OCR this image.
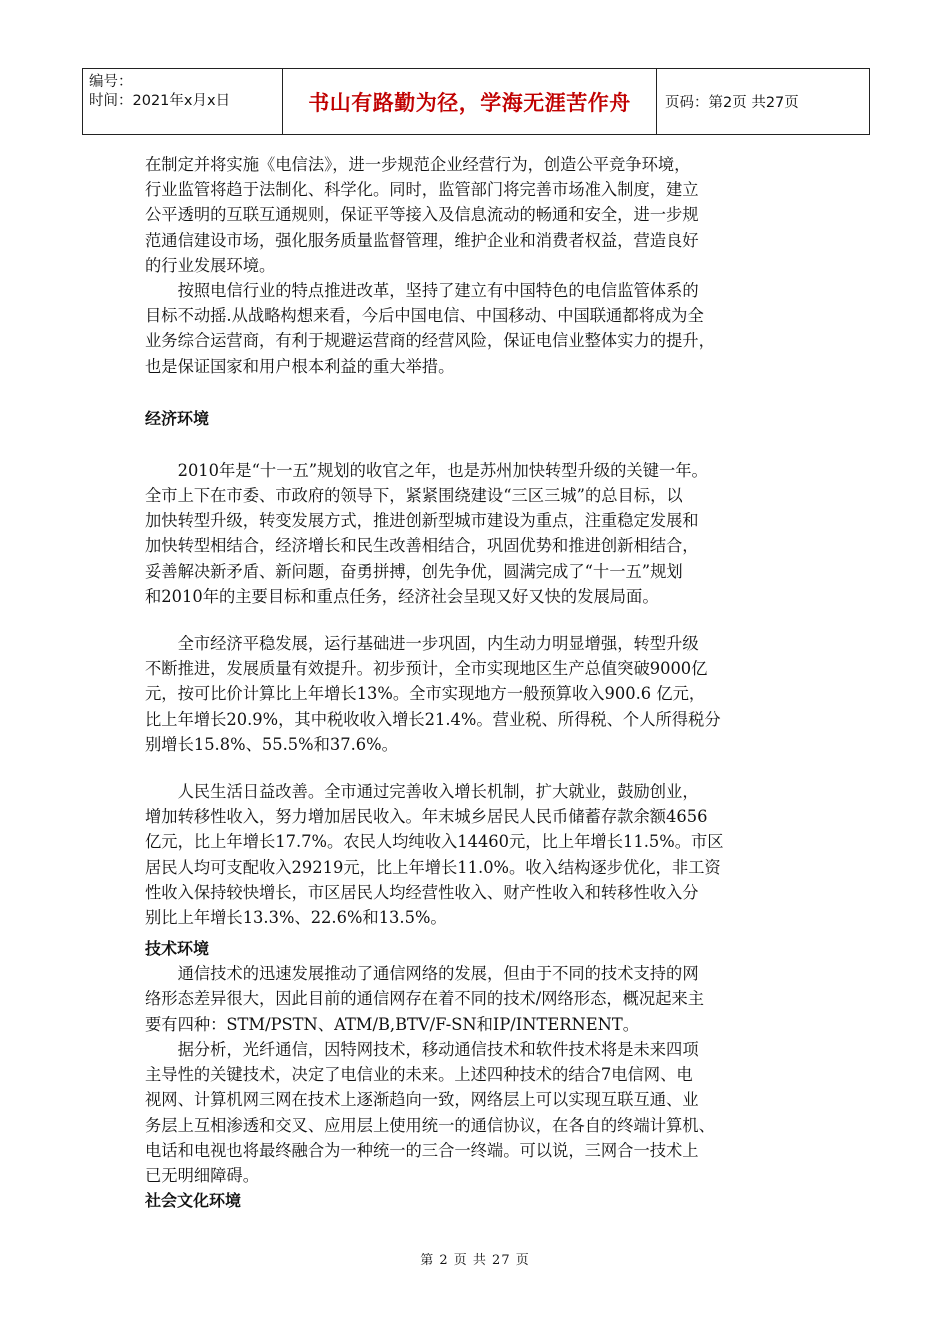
编号：
时间：2021年x月x日	书山有路勤为径，学海无涯苦作舟	页码：第2页 共27页

在制定并将实施《电信法》，进一步规范企业经营行为，创造公平竞争环境，
行业监管将趋于法制化、科学化。同时，监管部门将完善市场准入制度，建立
公平透明的互联互通规则，保证平等接入及信息流动的畅通和安全，进一步规
范通信建设市场，强化服务质量监督管理，维护企业和消费者权益，营造良好
的行业发展环境。

按照电信行业的特点推进改革，坚持了建立有中国特色的电信监管体系的
目标不动摇.从战略构想来看，今后中国电信、中国移动、中国联通都将成为全
业务综合运营商，有利于规避运营商的经营风险，保证电信业整体实力的提升，
也是保证国家和用户根本利益的重大举措。

经济环境

2010年是“十一五”规划的收官之年，也是苏州加快转型升级的关键一年。
全市上下在市委、市政府的领导下，紧紧围绕建设“三区三城”的总目标，以
加快转型升级，转变发展方式，推进创新型城市建设为重点，注重稳定发展和
加快转型相结合，经济增长和民生改善相结合，巩固优势和推进创新相结合，
妥善解决新矛盾、新问题，奋勇拼搏，创先争优，圆满完成了“十一五”规划
和2010年的主要目标和重点任务，经济社会呈现又好又快的发展局面。

全市经济平稳发展，运行基础进一步巩固，内生动力明显增强，转型升级
不断推进，发展质量有效提升。初步预计，全市实现地区生产总值突破9000亿
元，按可比价计算比上年增长13%。全市实现地方一般预算收入900.6 亿元，
比上年增长20.9%，其中税收收入增长21.4%。营业税、所得税、个人所得税分
别增长15.8%、55.5%和37.6%。

人民生活日益改善。全市通过完善收入增长机制，扩大就业，鼓励创业，
增加转移性收入，努力增加居民收入。年末城乡居民人民币储蓄存款余额4656
亿元，比上年增长17.7%。农民人均纯收入14460元，比上年增长11.5%。市区
居民人均可支配收入29219元，比上年增长11.0%。收入结构逐步优化，非工资
性收入保持较快增长，市区居民人均经营性收入、财产性收入和转移性收入分
别比上年增长13.3%、22.6%和13.5%。

技术环境

通信技术的迅速发展推动了通信网络的发展，但由于不同的技术支持的网
络形态差异很大，因此目前的通信网存在着不同的技术/网络形态，概况起来主
要有四种：STM/PSTN、ATM/B,BTV/F-SN和IP/INTERNENT。

据分析，光纤通信，因特网技术，移动通信技术和软件技术将是未来四项
主导性的关键技术，决定了电信业的未来。上述四种技术的结合7电信网、电
视网、计算机网三网在技术上逐渐趋向一致，网络层上可以实现互联互通、业
务层上互相渗透和交叉、应用层上使用统一的通信协议，在各自的终端计算机、
电话和电视也将最终融合为一种统一的三合一终端。可以说，三网合一技术上
已无明细障碍。

社会文化环境
第 2 页 共 27 页
